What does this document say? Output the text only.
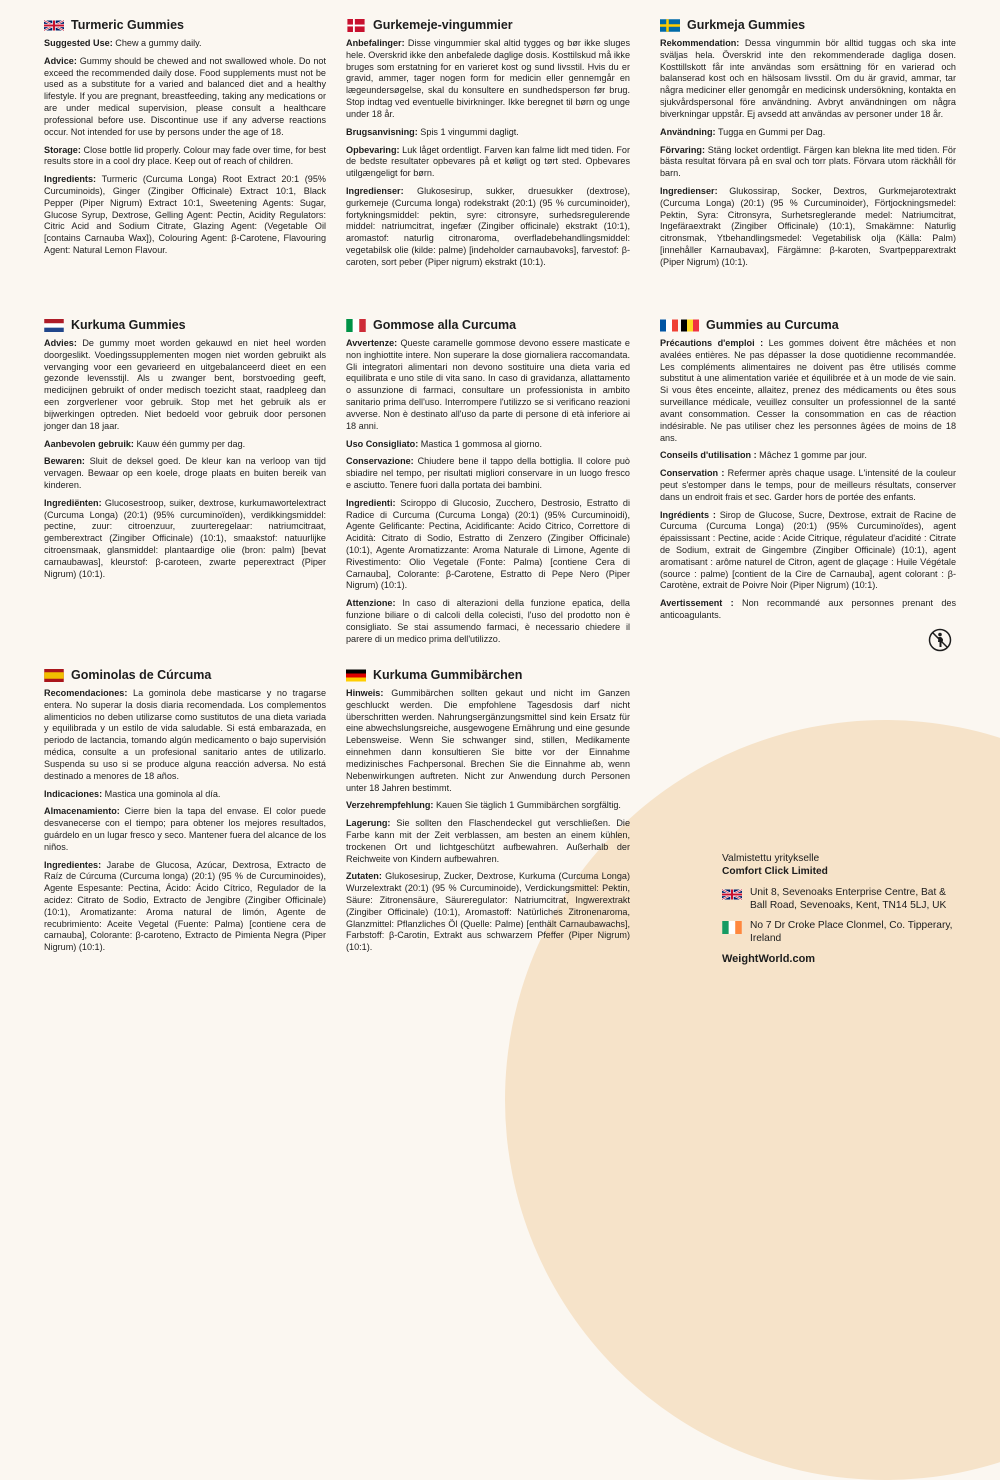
Turmeric Gummies

Suggested Use: Chew a gummy daily.

Advice: Gummy should be chewed and not swallowed whole. Do not exceed the recommended daily dose. Food supplements must not be used as a substitute for a varied and balanced diet and a healthy lifestyle. If you are pregnant, breastfeeding, taking any medications or are under medical supervision, please consult a healthcare professional before use. Discontinue use if any adverse reactions occur. Not intended for use by persons under the age of 18.

Storage: Close bottle lid properly. Colour may fade over time, for best results store in a cool dry place. Keep out of reach of children.

Ingredients: Turmeric (Curcuma Longa) Root Extract 20:1 (95% Curcuminoids), Ginger (Zingiber Officinale) Extract 10:1, Black Pepper (Piper Nigrum) Extract 10:1, Sweetening Agents: Sugar, Glucose Syrup, Dextrose, Gelling Agent: Pectin, Acidity Regulators: Citric Acid and Sodium Citrate, Glazing Agent: (Vegetable Oil [contains Carnauba Wax]), Colouring Agent: β-Carotene, Flavouring Agent: Natural Lemon Flavour.

Gurkemeje-vingummier

Anbefalinger: Disse vingummier skal altid tygges og bør ikke sluges hele. Overskrid ikke den anbefalede daglige dosis. Kosttilskud må ikke bruges som erstatning for en varieret kost og sund livsstil. Hvis du er gravid, ammer, tager nogen form for medicin eller gennemgår en lægeundersøgelse, skal du konsultere en sundhedsperson før brug. Stop indtag ved eventuelle bivirkninger. Ikke beregnet til børn og unge under 18 år.

Brugsanvisning: Spis 1 vingummi dagligt.

Opbevaring: Luk låget ordentligt. Farven kan falme lidt med tiden. For de bedste resultater opbevares på et køligt og tørt sted. Opbevares utilgængeligt for børn.

Ingredienser: Glukosesirup, sukker, druesukker (dextrose), gurkemeje (Curcuma longa) rodekstrakt (20:1) (95 % curcuminoider), fortykningsmiddel: pektin, syre: citronsyre, surhedsregulerende middel: natriumcitrat, ingefær (Zingiber officinale) ekstrakt (10:1), aromastof: naturlig citronaroma, overfladebehandlingsmiddel: vegetabilsk olie (kilde: palme) [indeholder carnaubavoks], farvestof: β-caroten, sort peber (Piper nigrum) ekstrakt (10:1).

Gurkmeja Gummies

Rekommendation: Dessa vingummin bör alltid tuggas och ska inte sväljas hela. Överskrid inte den rekommenderade dagliga dosen. Kosttillskott får inte användas som ersättning för en varierad och balanserad kost och en hälsosam livsstil. Om du är gravid, ammar, tar några mediciner eller genomgår en medicinsk undersökning, kontakta en sjukvårdspersonal före användning. Avbryt användningen om några biverkningar uppstår. Ej avsedd att användas av personer under 18 år.

Användning: Tugga en Gummi per Dag.

Förvaring: Stäng locket ordentligt. Färgen kan blekna lite med tiden. För bästa resultat förvara på en sval och torr plats. Förvara utom räckhåll för barn.

Ingredienser: Glukossirap, Socker, Dextros, Gurkmejarotextrakt (Curcuma Longa) (20:1) (95 % Curcuminoider), Förtjockningsmedel: Pektin, Syra: Citronsyra, Surhetsreglerande medel: Natriumcitrat, Ingefäraextrakt (Zingiber Officinale) (10:1), Smakämne: Naturlig citronsmak, Ytbehandlingsmedel: Vegetabilisk olja (Källa: Palm) [innehåller Karnaubavax], Färgämne: β-karoten, Svartpepparextrakt (Piper Nigrum) (10:1).

Kurkuma Gummies

Advies: De gummy moet worden gekauwd en niet heel worden doorgeslikt. Voedingssupplementen mogen niet worden gebruikt als vervanging voor een gevarieerd en uitgebalanceerd dieet en een gezonde levensstijl. Als u zwanger bent, borstvoeding geeft, medicijnen gebruikt of onder medisch toezicht staat, raadpleeg dan een zorgverlener voor gebruik. Stop met het gebruik als er bijwerkingen optreden. Niet bedoeld voor gebruik door personen jonger dan 18 jaar.

Aanbevolen gebruik: Kauw één gummy per dag.

Bewaren: Sluit de deksel goed. De kleur kan na verloop van tijd vervagen. Bewaar op een koele, droge plaats en buiten bereik van kinderen.

Ingrediënten: Glucosestroop, suiker, dextrose, kurkumawortelextract (Curcuma Longa) (20:1) (95% curcuminoïden), verdikkingsmiddel: pectine, zuur: citroenzuur, zuurteregelaar: natriumcitraat, gemberextract (Zingiber Officinale) (10:1), smaakstof: natuurlijke citroensmaak, glansmiddel: plantaardige olie (bron: palm) [bevat carnaubawas], kleurstof: β-caroteen, zwarte peperextract (Piper Nigrum) (10:1).

Gommose alla Curcuma

Avvertenze: Queste caramelle gommose devono essere masticate e non inghiottite intere. Non superare la dose giornaliera raccomandata. Gli integratori alimentari non devono sostituire una dieta varia ed equilibrata e uno stile di vita sano. In caso di gravidanza, allattamento o assunzione di farmaci, consultare un professionista in ambito sanitario prima dell'uso. Interrompere l'utilizzo se si verificano reazioni avverse. Non è destinato all'uso da parte di persone di età inferiore ai 18 anni.

Uso Consigliato: Masticа 1 gommosa al giorno.

Conservazione: Chiudere bene il tappo della bottiglia. Il colore può sbiadire nel tempo, per risultati migliori conservare in un luogo fresco e asciutto. Tenere fuori dalla portata dei bambini.

Ingredienti: Sciroppo di Glucosio, Zucchero, Destrosio, Estratto di Radice di Curcuma (Curcuma Longa) (20:1) (95% Curcuminoidi), Agente Gelificante: Pectina, Acidificante: Acido Citrico, Correttore di Acidità: Citrato di Sodio, Estratto di Zenzero (Zingiber Officinale) (10:1), Agente Aromatizzante: Aroma Naturale di Limone, Agente di Rivestimento: Olio Vegetale (Fonte: Palma) [contiene Cera di Carnauba], Colorante: β-Carotene, Estratto di Pepe Nero (Piper Nigrum) (10:1).

Attenzione: In caso di alterazioni della funzione epatica, della funzione biliare o di calcoli della colecisti, l'uso del prodotto non è consigliato. Se stai assumendo farmaci, è necessario chiedere il parere di un medico prima dell'utilizzo.

Gummies au Curcuma

Précautions d'emploi : Les gommes doivent être mâchées et non avalées entières. Ne pas dépasser la dose quotidienne recommandée. Les compléments alimentaires ne doivent pas être utilisés comme substitut à une alimentation variée et équilibrée et à un mode de vie sain. Si vous êtes enceinte, allaitez, prenez des médicaments ou êtes sous surveillance médicale, veuillez consulter un professionnel de la santé avant consommation. Cesser la consommation en cas de réaction indésirable. Ne pas utiliser chez les personnes âgées de moins de 18 ans.

Conseils d'utilisation : Mâchez 1 gomme par jour.

Conservation : Refermer après chaque usage. L'intensité de la couleur peut s'estomper dans le temps, pour de meilleurs résultats, conserver dans un endroit frais et sec. Garder hors de portée des enfants.

Ingrédients : Sirop de Glucose, Sucre, Dextrose, extrait de Racine de Curcuma (Curcuma Longa) (20:1) (95% Curcuminoïdes), agent épaississant : Pectine, acide : Acide Citrique, régulateur d'acidité : Citrate de Sodium, extrait de Gingembre (Zingiber Officinale) (10:1), agent aromatisant : arôme naturel de Citron, agent de glaçage : Huile Végétale (source : palme) [contient de la Cire de Carnauba], agent colorant : β-Carotène, extrait de Poivre Noir (Piper Nigrum) (10:1).

Avertissement : Non recommandé aux personnes prenant des anticoagulants.

Gominolas de Cúrcuma

Recomendaciones: La gominola debe masticarse y no tragarse entera. No superar la dosis diaria recomendada. Los complementos alimenticios no deben utilizarse como sustitutos de una dieta variada y equilibrada y un estilo de vida saludable. Si está embarazada, en periodo de lactancia, tomando algún medicamento o bajo supervisión médica, consulte a un profesional sanitario antes de utilizarlo. Suspenda su uso si se produce alguna reacción adversa. No está destinado a menores de 18 años.

Indicaciones: Mastica una gominola al día.

Almacenamiento: Cierre bien la tapa del envase. El color puede desvanecerse con el tiempo; para obtener los mejores resultados, guárdelo en un lugar fresco y seco. Mantener fuera del alcance de los niños.

Ingredientes: Jarabe de Glucosa, Azúcar, Dextrosa, Extracto de Raíz de Cúrcuma (Curcuma longa) (20:1) (95 % de Curcuminoides), Agente Espesante: Pectina, Ácido: Ácido Cítrico, Regulador de la acidez: Citrato de Sodio, Extracto de Jengibre (Zingiber Officinale) (10:1), Aromatizante: Aroma natural de limón, Agente de recubrimiento: Aceite Vegetal (Fuente: Palma) [contiene cera de carnauba], Colorante: β-caroteno, Extracto de Pimienta Negra (Piper Nigrum) (10:1).

Kurkuma Gummibärchen

Hinweis: Gummibärchen sollten gekaut und nicht im Ganzen geschluckt werden. Die empfohlene Tagesdosis darf nicht überschritten werden. Nahrungsergänzungsmittel sind kein Ersatz für eine abwechslungsreiche, ausgewogene Ernährung und eine gesunde Lebensweise. Wenn Sie schwanger sind, stillen, Medikamente einnehmen dann konsultieren Sie bitte vor der Einnahme medizinisches Fachpersonal. Brechen Sie die Einnahme ab, wenn Nebenwirkungen auftreten. Nicht zur Anwendung durch Personen unter 18 Jahren bestimmt.

Verzehrempfehlung: Kauen Sie täglich 1 Gummibärchen sorgfältig.

Lagerung: Sie sollten den Flaschendeckel gut verschließen. Die Farbe kann mit der Zeit verblassen, am besten an einem kühlen, trockenen Ort und lichtgeschützt aufbewahren. Außerhalb der Reichweite von Kindern aufbewahren.

Zutaten: Glukosesirup, Zucker, Dextrose, Kurkuma (Curcuma Longa) Wurzelextrakt (20:1) (95 % Curcuminoide), Verdickungsmittel: Pektin, Säure: Zitronensäure, Säureregulator: Natriumcitrat, Ingwerextrakt (Zingiber Officinale) (10:1), Aromastoff: Natürliches Zitronenaroma, Glanzmittel: Pflanzliches Öl (Quelle: Palme) [enthält Carnaubawachs], Farbstoff: β-Carotin, Extrakt aus schwarzem Pfeffer (Piper Nigrum) (10:1).

Valmistettu yritykselle
Comfort Click Limited
Unit 8, Sevenoaks Enterprise Centre, Bat & Ball Road, Sevenoaks, Kent, TN14 5LJ, UK
No 7 Dr Croke Place Clonmel, Co. Tipperary, Ireland
WeightWorld.com
